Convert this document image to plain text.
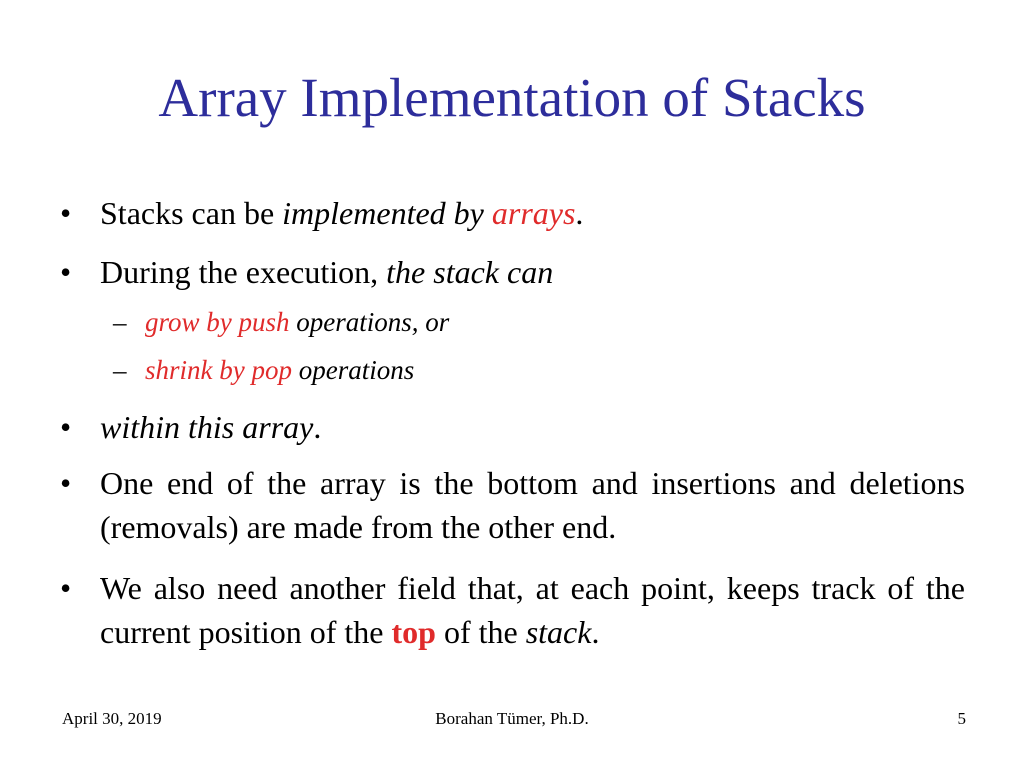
Array Implementation of Stacks
• Stacks can be implemented by arrays.
• During the execution, the stack can
– grow by push operations, or
– shrink by pop operations
• within this array.
• One end of the array is the bottom and insertions and deletions (removals) are made from the other end.
• We also need another field that, at each point, keeps track of the current position of the top of the stack.
April 30, 2019	Borahan Tümer, Ph.D.	5
